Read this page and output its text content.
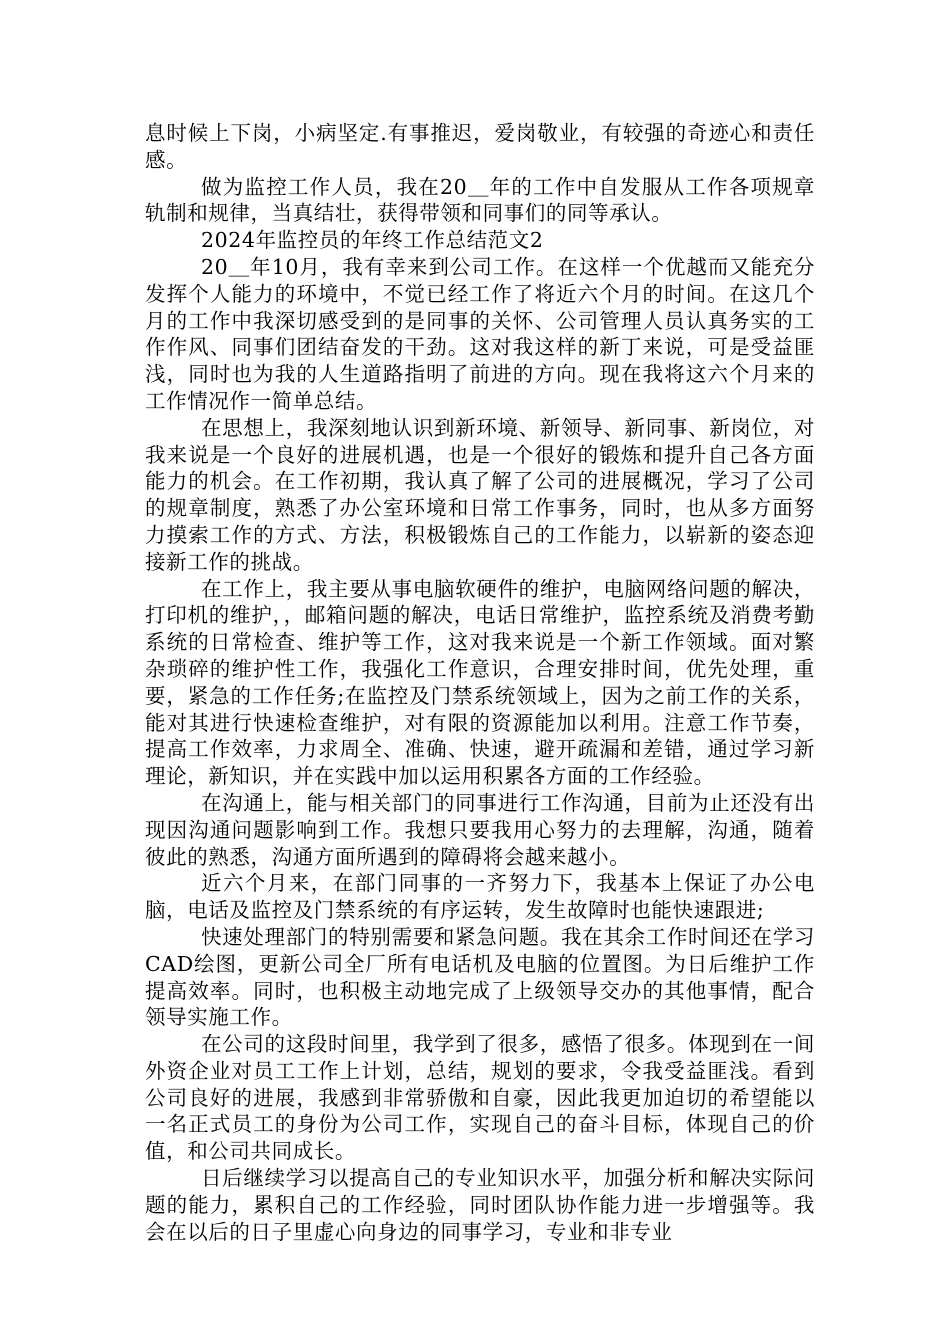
息时候上下岗，小病坚定.有事推迟，爱岗敬业，有较强的奇迹心和责任感。

做为监控工作人员，我在20＿年的工作中自发服从工作各项规章轨制和规律，当真结壮，获得带领和同事们的同等承认。

2024年监控员的年终工作总结范文2

20＿年10月，我有幸来到公司工作。在这样一个优越而又能充分发挥个人能力的环境中，不觉已经工作了将近六个月的时间。在这几个月的工作中我深切感受到的是同事的关怀、公司管理人员认真务实的工作作风、同事们团结奋发的干劲。这对我这样的新丁来说，可是受益匪浅，同时也为我的人生道路指明了前进的方向。现在我将这六个月来的工作情况作一简单总结。

在思想上，我深刻地认识到新环境、新领导、新同事、新岗位，对我来说是一个良好的进展机遇，也是一个很好的锻炼和提升自己各方面能力的机会。在工作初期，我认真了解了公司的进展概况，学习了公司的规章制度，熟悉了办公室环境和日常工作事务，同时，也从多方面努力摸索工作的方式、方法，积极锻炼自己的工作能力，以崭新的姿态迎接新工作的挑战。

在工作上，我主要从事电脑软硬件的维护，电脑网络问题的解决，打印机的维护，，邮箱问题的解决，电话日常维护，监控系统及消费考勤系统的日常检查、维护等工作，这对我来说是一个新工作领域。面对繁杂琐碎的维护性工作，我强化工作意识，合理安排时间，优先处理，重要，紧急的工作任务;在监控及门禁系统领域上，因为之前工作的关系，能对其进行快速检查维护，对有限的资源能加以利用。注意工作节奏，提高工作效率，力求周全、准确、快速，避开疏漏和差错，通过学习新理论，新知识，并在实践中加以运用积累各方面的工作经验。

在沟通上，能与相关部门的同事进行工作沟通，目前为止还没有出现因沟通问题影响到工作。我想只要我用心努力的去理解，沟通，随着彼此的熟悉，沟通方面所遇到的障碍将会越来越小。

近六个月来，在部门同事的一齐努力下，我基本上保证了办公电脑，电话及监控及门禁系统的有序运转，发生故障时也能快速跟进;

快速处理部门的特别需要和紧急问题。我在其余工作时间还在学习CAD绘图，更新公司全厂所有电话机及电脑的位置图。为日后维护工作提高效率。同时，也积极主动地完成了上级领导交办的其他事情，配合领导实施工作。

在公司的这段时间里，我学到了很多，感悟了很多。体现到在一间外资企业对员工工作上计划，总结，规划的要求，令我受益匪浅。看到公司良好的进展，我感到非常骄傲和自豪，因此我更加迫切的希望能以一名正式员工的身份为公司工作，实现自己的奋斗目标，体现自己的价值，和公司共同成长。

日后继续学习以提高自己的专业知识水平，加强分析和解决实际问题的能力，累积自己的工作经验，同时团队协作能力进一步增强等。我会在以后的日子里虚心向身边的同事学习，专业和非专业
